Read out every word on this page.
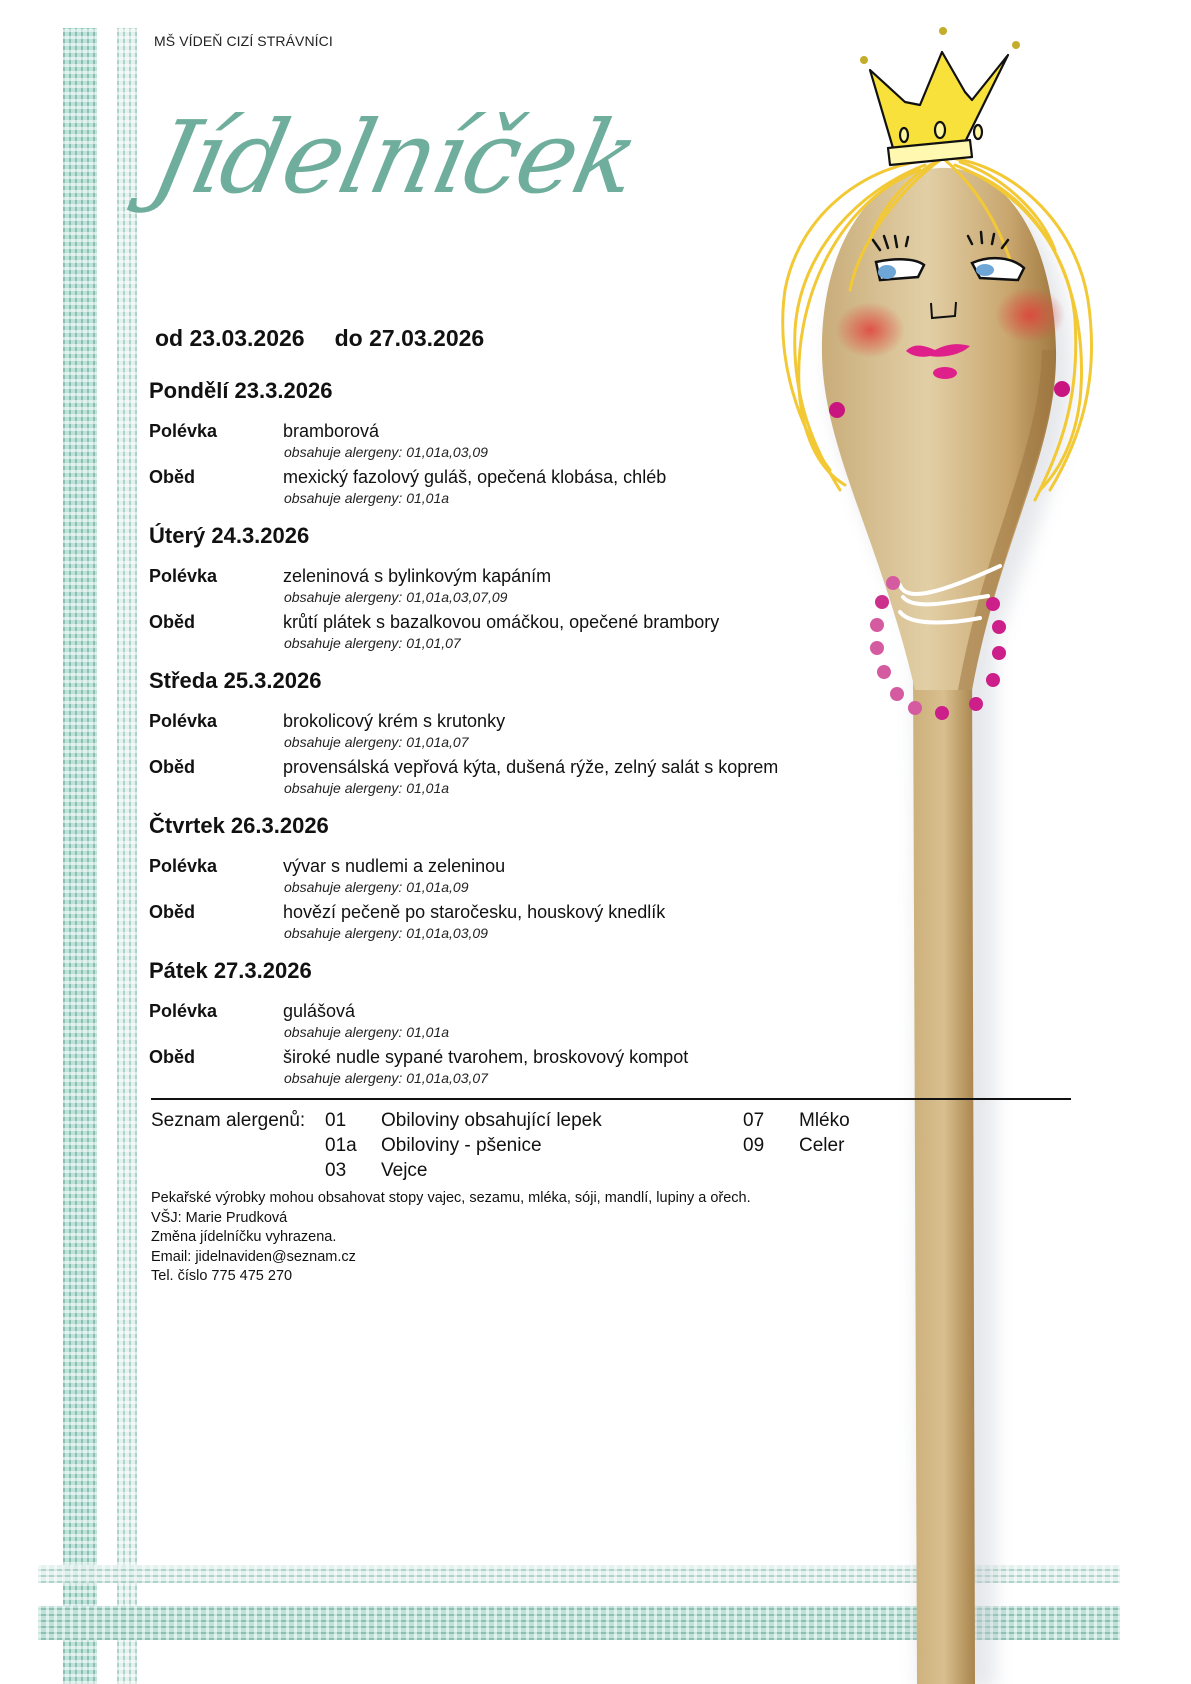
MŠ VÍDEŇ CIZÍ STRÁVNÍCI
Jídelníček
od 23.03.2026 do 27.03.2026
Pondělí 23.3.2026
Polévka	bramborová
obsahuje alergeny: 01,01a,03,09
Oběd	mexický fazolový guláš, opečená klobása, chléb
obsahuje alergeny: 01,01a
Úterý 24.3.2026
Polévka	zeleninová s bylinkovým kapáním
obsahuje alergeny: 01,01a,03,07,09
Oběd	krůtí plátek s bazalkovou omáčkou, opečené brambory
obsahuje alergeny: 01,01,07
Středa 25.3.2026
Polévka	brokolicový krém s krutonky
obsahuje alergeny: 01,01a,07
Oběd	provensálská vepřová kýta, dušená rýže, zelný salát s koprem
obsahuje alergeny: 01,01a
Čtvrtek 26.3.2026
Polévka	vývar s nudlemi a zeleninou
obsahuje alergeny: 01,01a,09
Oběd	hovězí pečeně po staročesku, houskový knedlík
obsahuje alergeny: 01,01a,03,09
Pátek 27.3.2026
Polévka	gulášová
obsahuje alergeny: 01,01a
Oběd	široké nudle sypané tvarohem, broskovový kompot
obsahuje alergeny: 01,01a,03,07
Seznam alergenů: 01 Obiloviny obsahující lepek
01a Obiloviny - pšenice
03 Vejce
07 Mléko
09 Celer
Pekařské výrobky mohou obsahovat stopy vajec, sezamu, mléka, sóji, mandlí, lupiny a ořech.
VŠJ: Marie Prudková
Změna jídelníčku vyhrazena.
Email: jidelnaviden@seznam.cz
Tel. číslo 775 475 270
